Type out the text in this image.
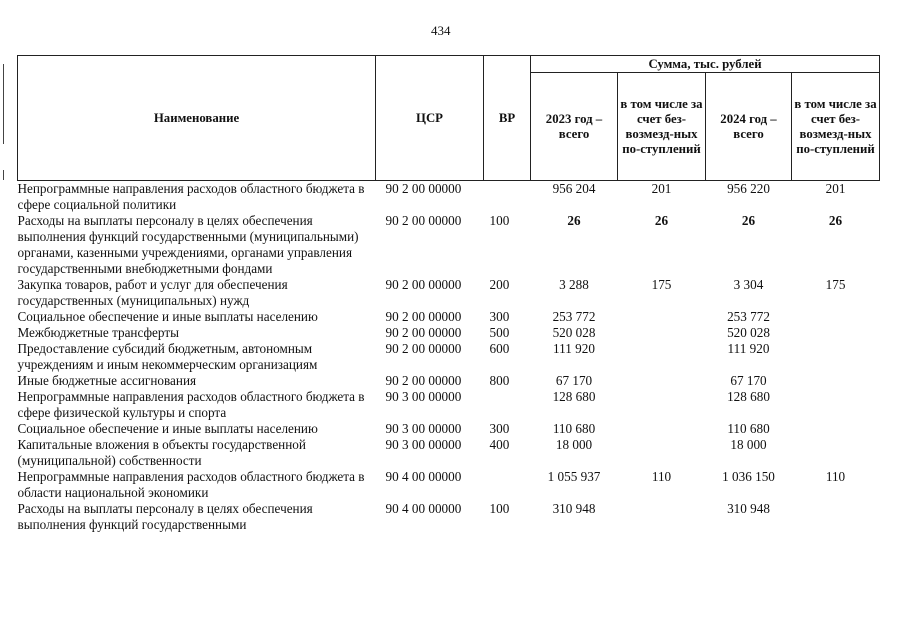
434
Наименование	ЦСР	ВР	Сумма, тыс. рублей			
			2023 год – всего	в том числе за счет без-возмезд-ных по-ступлений	2024 год – всего	в том числе за счет без-возмезд-ных по-ступлений
Непрограммные направления расходов областного бюджета в сфере социальной политики	90 2 00 00000		956 204	201	956 220	201
Расходы на выплаты персоналу в целях обеспечения выполнения функций государственными (муниципальными) органами, казенными учреждениями, органами управления государственными внебюджетными фондами	90 2 00 00000	100	26	26	26	26
Закупка товаров, работ и услуг для обеспечения государственных (муниципальных) нужд	90 2 00 00000	200	3 288	175	3 304	175
Социальное обеспечение и иные выплаты населению	90 2 00 00000	300	253 772		253 772	
Межбюджетные трансферты	90 2 00 00000	500	520 028		520 028	
Предоставление субсидий бюджетным, автономным учреждениям и иным некоммерческим организациям	90 2 00 00000	600	111 920		111 920	
Иные бюджетные ассигнования	90 2 00 00000	800	67 170		67 170	
Непрограммные направления расходов областного бюджета в сфере физической культуры и спорта	90 3 00 00000		128 680		128 680	
Социальное обеспечение и иные выплаты населению	90 3 00 00000	300	110 680		110 680	
Капитальные вложения в объекты государственной (муниципальной) собственности	90 3 00 00000	400	18 000		18 000	
Непрограммные направления расходов областного бюджета в области национальной экономики	90 4 00 00000		1 055 937	110	1 036 150	110
Расходы на выплаты персоналу в целях обеспечения выполнения функций государственными	90 4 00 00000	100	310 948		310 948	
